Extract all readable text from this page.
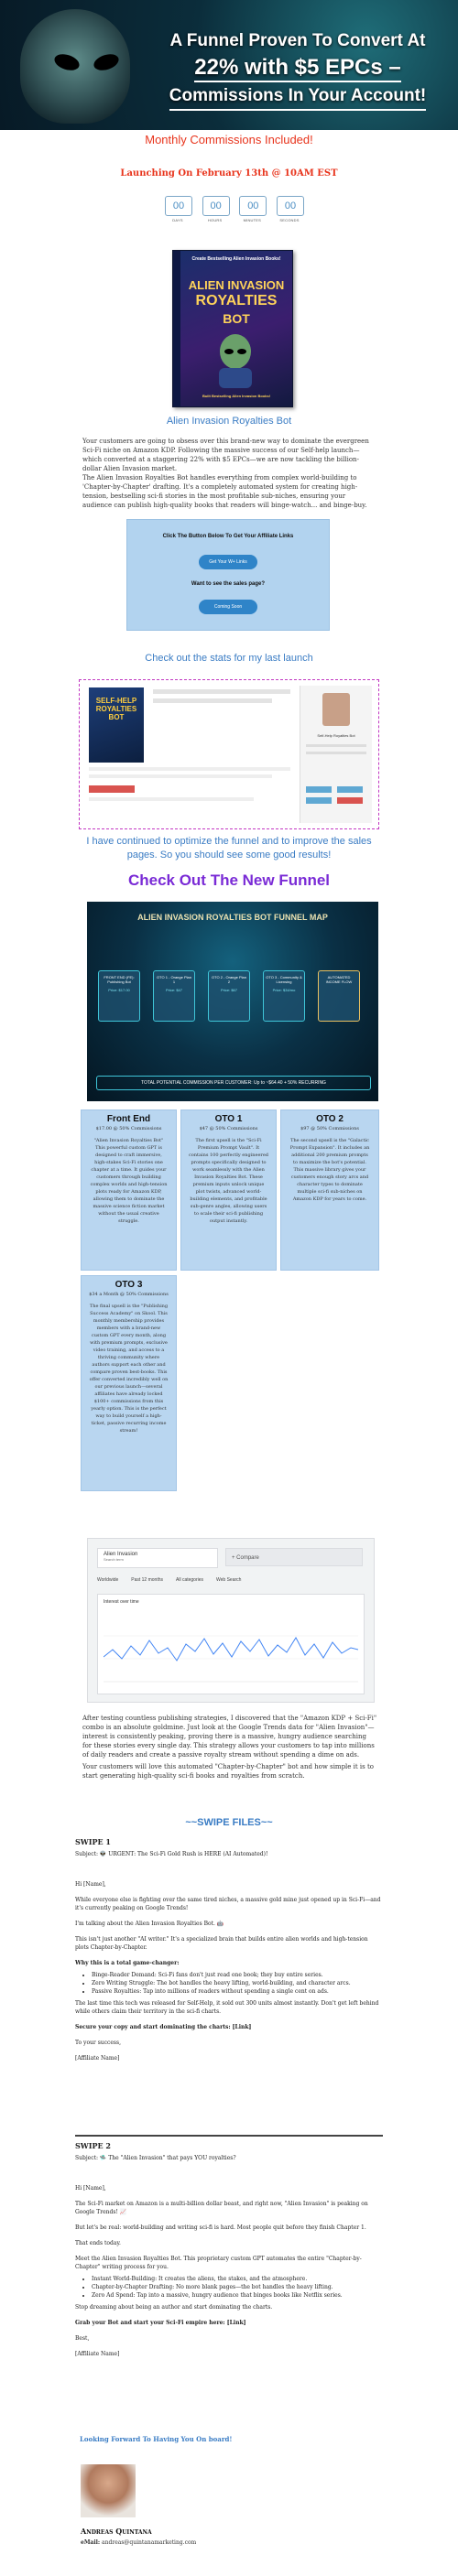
A Funnel Proven To Convert At
22% with $5 EPCs –
Commissions In Your Account!
Monthly Commissions Included!
Launching On February 13th @ 10AM EST
00
DAYS
00
HOURS
00
MINUTES
00
SECONDS
Create Bestselling Alien Invasion Books!
ALIEN INVASION
ROYALTIES
BOT
Built Bestselling Alien Invasion Books!
Alien Invasion Royalties Bot
Your customers are going to obsess over this brand-new way to dominate the evergreen Sci-Fi niche on Amazon KDP. Following the massive success of our Self-help launch—which converted at a staggering 22% with $5 EPCs—we are now tackling the billion-dollar Alien Invasion market.
The Alien Invasion Royalties Bot handles everything from complex world-building to 'Chapter-by-Chapter' drafting. It's a completely automated system for creating high-tension, bestselling sci-fi stories in the most profitable sub-niches, ensuring your audience can publish high-quality books that readers will binge-watch... and binge-buy.
Click The Button Below To Get Your Affiliate Links
Get Your W+ Links
Want to see the sales page?
Coming Soon
Check out the stats for my last launch
SELF-HELP
ROYALTIES
BOT
Self-Help Royalties Bot
I have continued to optimize the funnel and to improve the sales pages. So you should see some good results!
Check Out The New Funnel
ALIEN INVASION ROYALTIES BOT FUNNEL MAP
FRONT END (FE): Publishing Bot
Price: $17.00
OTO 1 - Orange Plan 1
Price: $47
OTO 2 - Orange Plan 2
Price: $67
OTO 3 - Community & Licensing
Price: $34/mo
AUTOMATED INCOME FLOW
TOTAL POTENTIAL COMMISSION PER CUSTOMER: Up to ~$64.40 + 50% RECURRING
Front End
$17.00 @ 50% Commissions
"Alien Invasion Royalties Bot" This powerful custom GPT is designed to craft immersive, high-stakes Sci-Fi stories one chapter at a time. It guides your customers through building complex worlds and high-tension plots ready for Amazon KDP, allowing them to dominate the massive science fiction market without the usual creative struggle.
OTO 1
$47 @ 50% Commissions
The first upsell is the "Sci-Fi Premium Prompt Vault". It contains 100 perfectly engineered prompts specifically designed to work seamlessly with the Alien Invasion Royalties Bot. These premium inputs unlock unique plot twists, advanced world-building elements, and profitable sub-genre angles, allowing users to scale their sci-fi publishing output instantly.
OTO 2
$97 @ 50% Commissions
The second upsell is the "Galactic Prompt Expansion". It includes an additional 200 premium prompts to maximize the bot's potential. This massive library gives your customers enough story arcs and character types to dominate multiple sci-fi sub-niches on Amazon KDP for years to come.
OTO 3
$34 a Month @ 50% Commissions
The final upsell is the "Publishing Success Academy" on Skool. This monthly membership provides members with a brand-new custom GPT every month, along with premium prompts, exclusive video training, and access to a thriving community where authors support each other and compare proven best-books. This offer converted incredibly well on our previous launch—several affiliates have already locked $100+ commissions from this yearly option. This is the perfect way to build yourself a high-ticket, passive recurring income stream!
Alien Invasion
Search term	+ Compare
Worldwide	Past 12 months	All categories	Web Search
Interest over time
After testing countless publishing strategies, I discovered that the "Amazon KDP + Sci-Fi" combo is an absolute goldmine. Just look at the Google Trends data for "Alien Invasion"—interest is consistently peaking, proving there is a massive, hungry audience searching for these stories every single day. This strategy allows your customers to tap into millions of daily readers and create a passive royalty stream without spending a dime on ads.
Your customers will love this automated "Chapter-by-Chapter" bot and how simple it is to start generating high-quality sci-fi books and royalties from scratch.
~~SWIPE FILES~~
SWIPE 1
Subject: 👽 URGENT: The Sci-Fi Gold Rush is HERE (AI Automated)!
Hi [Name],
While everyone else is fighting over the same tired niches, a massive gold mine just opened up in Sci-Fi—and it's currently peaking on Google Trends!
I'm talking about the Alien Invasion Royalties Bot. 🤖
This isn't just another "AI writer." It's a specialized brain that builds entire alien worlds and high-tension plots Chapter-by-Chapter.
Why this is a total game-changer:
• Binge-Reader Demand: Sci-Fi fans don't just read one book; they buy entire series.
• Zero Writing Struggle: The bot handles the heavy lifting, world-building, and character arcs.
• Passive Royalties: Tap into millions of readers without spending a single cent on ads.
The last time this tech was released for Self-Help, it sold out 300 units almost instantly. Don't get left behind while others claim their territory in the sci-fi charts.
Secure your copy and start dominating the charts: [Link]
To your success,
[Affiliate Name]
SWIPE 2
Subject: 🛸 The "Alien Invasion" that pays YOU royalties?
Hi [Name],
The Sci-Fi market on Amazon is a multi-billion dollar beast, and right now, "Alien Invasion" is peaking on Google Trends! 📈
But let's be real: world-building and writing sci-fi is hard. Most people quit before they finish Chapter 1.
That ends today.
Meet the Alien Invasion Royalties Bot. This proprietary custom GPT automates the entire "Chapter-by-Chapter" writing process for you.
• Instant World-Building: It creates the aliens, the stakes, and the atmosphere.
• Chapter-by-Chapter Drafting: No more blank pages—the bot handles the heavy lifting.
• Zero Ad Spend: Tap into a massive, hungry audience that binges books like Netflix series.
Stop dreaming about being an author and start dominating the charts.
Grab your Bot and start your Sci-Fi empire here: [Link]
Best,
[Affiliate Name]
Looking Forward To Having You On board!
Andreas Quintana
eMail: andreas@quintanamarketing.com
